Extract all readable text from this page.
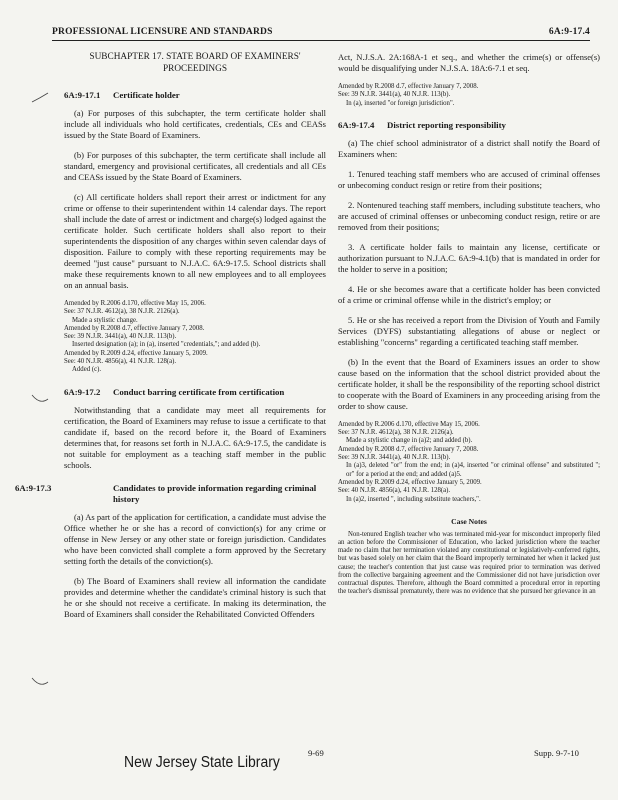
PROFESSIONAL LICENSURE AND STANDARDS	6A:9-17.4
SUBCHAPTER 17. STATE BOARD OF EXAMINERS' PROCEEDINGS
6A:9-17.1 Certificate holder

(a) For purposes of this subchapter, the term certificate holder shall include all individuals who hold certificates, credentials, CEs and CEASs issued by the State Board of Examiners.

(b) For purposes of this subchapter, the term certificate shall include all standard, emergency and provisional certificates, all credentials and all CEs and CEASs issued by the State Board of Examiners.

(c) All certificate holders shall report their arrest or indictment for any crime or offense to their superintendent within 14 calendar days. The report shall include the date of arrest or indictment and charge(s) lodged against the certificate holder. Such certificate holders shall also report to their superintendents the disposition of any charges within seven calendar days of disposition. Failure to comply with these reporting requirements may be deemed "just cause" pursuant to N.J.A.C. 6A:9-17.5. School districts shall make these requirements known to all new employees and to all employees on an annual basis.

Amended by R.2006 d.170, effective May 15, 2006.
See: 37 N.J.R. 4612(a), 38 N.J.R. 2126(a).
Made a stylistic change.
Amended by R.2008 d.7, effective January 7, 2008.
See: 39 N.J.R. 3441(a), 40 N.J.R. 113(b).
Inserted designation (a); in (a), inserted "credentials,"; and added (b).
Amended by R.2009 d.24, effective January 5, 2009.
See: 40 N.J.R. 4856(a), 41 N.J.R. 128(a).
Added (c).
6A:9-17.2 Conduct barring certificate from certification

Notwithstanding that a candidate may meet all requirements for certification, the Board of Examiners may refuse to issue a certificate to that candidate if, based on the record before it, the Board of Examiners determines that, for reasons set forth in N.J.A.C. 6A:9-17.5, the candidate is not suitable for employment as a teaching staff member in the public schools.

6A:9-17.3	Candidates to provide information regarding criminal history

(a) As part of the application for certification, a candidate must advise the Office whether he or she has a record of conviction(s) for any crime or offense in New Jersey or any other state or foreign jurisdiction. Candidates who have been convicted shall complete a form approved by the Secretary setting forth the details of the conviction(s).

(b) The Board of Examiners shall review all information the candidate provides and determine whether the candidate's criminal history is such that he or she should not receive a certificate. In making its determination, the Board of Examiners shall consider the Rehabilitated Convicted Offenders

Act, N.J.S.A. 2A:168A-1 et seq., and whether the crime(s) or offense(s) would be disqualifying under N.J.S.A. 18A:6-7.1 et seq.

Amended by R.2008 d.7, effective January 7, 2008.
See: 39 N.J.R. 3441(a), 40 N.J.R. 113(b).
In (a), inserted "or foreign jurisdiction".
6A:9-17.4 District reporting responsibility

(a) The chief school administrator of a district shall notify the Board of Examiners when:

1. Tenured teaching staff members who are accused of criminal offenses or unbecoming conduct resign or retire from their positions;

2. Nontenured teaching staff members, including substitute teachers, who are accused of criminal offenses or unbecoming conduct resign, retire or are removed from their positions;

3. A certificate holder fails to maintain any license, certificate or authorization pursuant to N.J.A.C. 6A:9-4.1(b) that is mandated in order for the holder to serve in a position;

4. He or she becomes aware that a certificate holder has been convicted of a crime or criminal offense while in the district's employ; or

5. He or she has received a report from the Division of Youth and Family Services (DYFS) substantiating allegations of abuse or neglect or establishing "concerns" regarding a certificated teaching staff member.

(b) In the event that the Board of Examiners issues an order to show cause based on the information that the school district provided about the certificate holder, it shall be the responsibility of the reporting school district to cooperate with the Board of Examiners in any proceeding arising from the order to show cause.

Amended by R.2006 d.170, effective May 15, 2006.
See: 37 N.J.R. 4612(a), 38 N.J.R. 2126(a).
Made a stylistic change in (a)2; and added (b).
Amended by R.2008 d.7, effective January 7, 2008.
See: 39 N.J.R. 3441(a), 40 N.J.R. 113(b).
In (a)3, deleted "or" from the end; in (a)4, inserted "or criminal offense" and substituted "; or" for a period at the end; and added (a)5.
Amended by R.2009 d.24, effective January 5, 2009.
See: 40 N.J.R. 4856(a), 41 N.J.R. 128(a).
In (a)2, inserted ", including substitute teachers,".
Case Notes

Non-tenured English teacher who was terminated mid-year for misconduct improperly filed an action before the Commissioner of Education, who lacked jurisdiction where the teacher made no claim that her termination violated any constitutional or legislatively-conferred rights, but was based solely on her claim that the Board improperly terminated her when it lacked just cause; the teacher's contention that just cause was required prior to termination was derived from the collective bargaining agreement and the Commissioner did not have jurisdiction over contractual disputes. Therefore, although the Board committed a procedural error in reporting the teacher's dismissal prematurely, there was no evidence that she pursued her grievance in an

New Jersey State Library
9-69	Supp. 9-7-10
